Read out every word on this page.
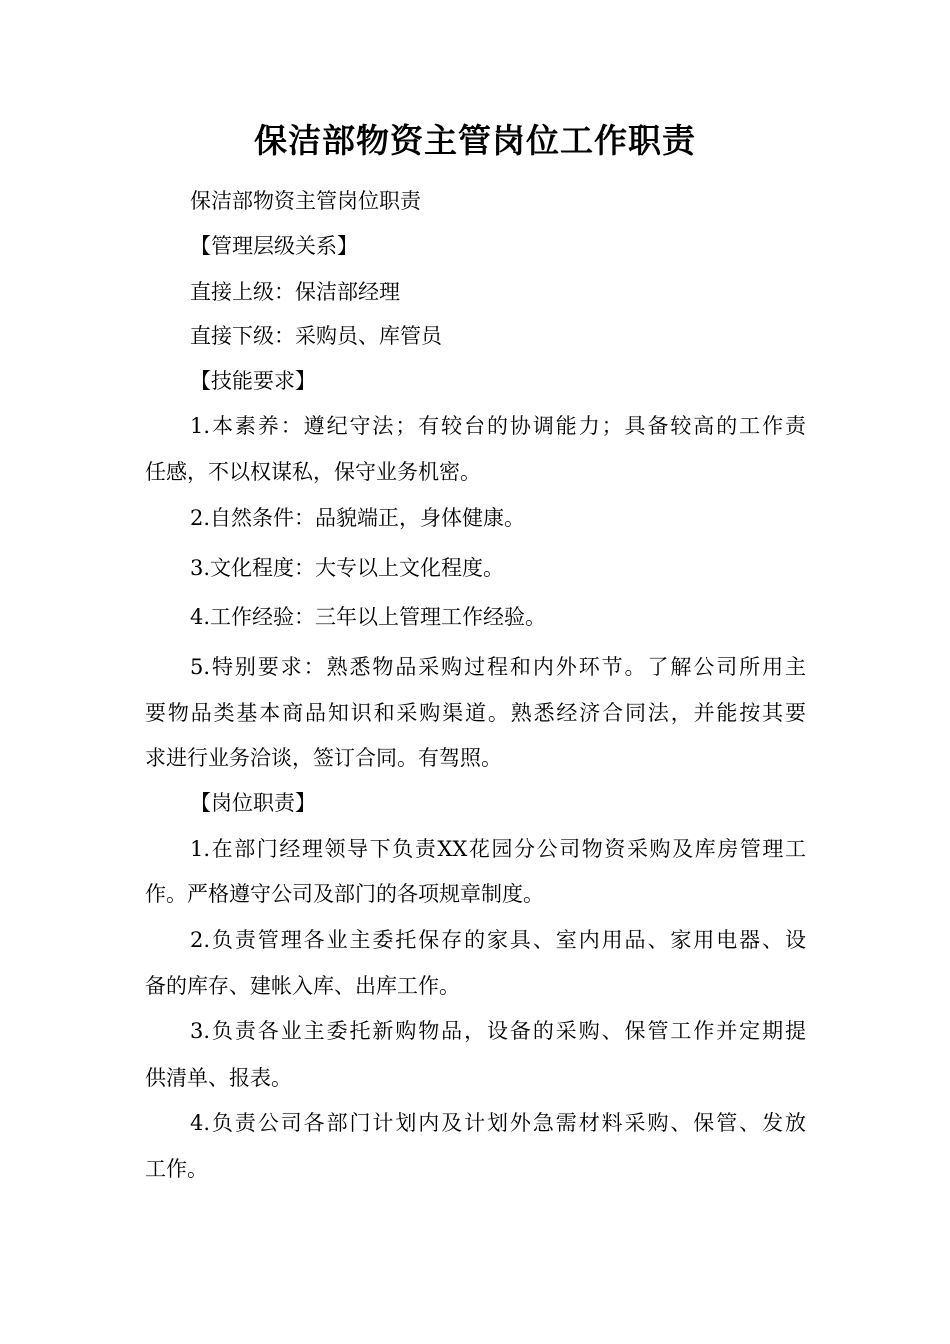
保洁部物资主管岗位工作职责

保洁部物资主管岗位职责

【管理层级关系】

直接上级：保洁部经理

直接下级：采购员、库管员

【技能要求】

1.本素养：遵纪守法；有较台的协调能力；具备较高的工作责

任感，不以权谋私，保守业务机密。

2.自然条件：品貌端正，身体健康。

3.文化程度：大专以上文化程度。

4.工作经验：三年以上管理工作经验。

5.特别要求：熟悉物品采购过程和内外环节。了解公司所用主

要物品类基本商品知识和采购渠道。熟悉经济合同法，并能按其要

求进行业务洽谈，签订合同。有驾照。

【岗位职责】

1.在部门经理领导下负责XX花园分公司物资采购及库房管理工

作。严格遵守公司及部门的各项规章制度。

2.负责管理各业主委托保存的家具、室内用品、家用电器、设

备的库存、建帐入库、出库工作。

3.负责各业主委托新购物品，设备的采购、保管工作并定期提

供清单、报表。

4.负责公司各部门计划内及计划外急需材料采购、保管、发放

工作。
